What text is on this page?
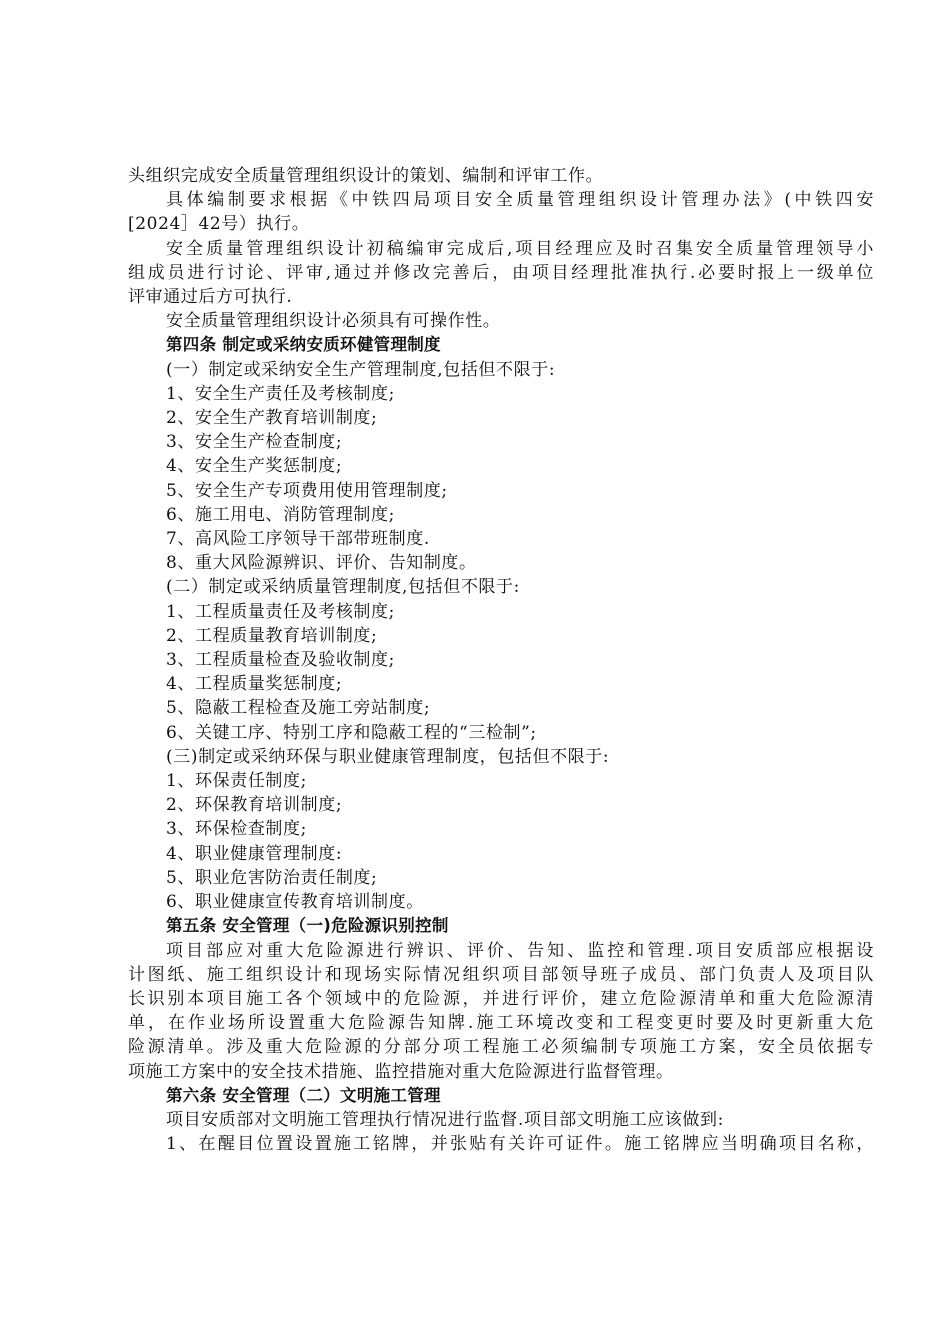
头组织完成安全质量管理组织设计的策划、编制和评审工作。
具体编制要求根据《中铁四局项目安全质量管理组织设计管理办法》(中铁四安
[2024］42号）执行。
安全质量管理组织设计初稿编审完成后,项目经理应及时召集安全质量管理领导小
组成员进行讨论、评审,通过并修改完善后，由项目经理批准执行.必要时报上一级单位
评审通过后方可执行.
安全质量管理组织设计必须具有可操作性。
第四条 制定或采纳安质环健管理制度
(一）制定或采纳安全生产管理制度,包括但不限于:
1、安全生产责任及考核制度;
2、安全生产教育培训制度;
3、安全生产检查制度;
4、安全生产奖惩制度;
5、安全生产专项费用使用管理制度;
6、施工用电、消防管理制度;
7、高风险工序领导干部带班制度.
8、重大风险源辨识、评价、告知制度。
(二）制定或采纳质量管理制度,包括但不限于:
1、工程质量责任及考核制度;
2、工程质量教育培训制度;
3、工程质量检查及验收制度;
4、工程质量奖惩制度;
5、隐蔽工程检查及施工旁站制度;
6、关键工序、特别工序和隐蔽工程的“三检制”;
(三)制定或采纳环保与职业健康管理制度，包括但不限于:
1、环保责任制度;
2、环保教育培训制度;
3、环保检查制度;
4、职业健康管理制度:
5、职业危害防治责任制度;
6、职业健康宣传教育培训制度。
第五条 安全管理（一)危险源识别控制
项目部应对重大危险源进行辨识、评价、告知、监控和管理.项目安质部应根据设
计图纸、施工组织设计和现场实际情况组织项目部领导班子成员、部门负责人及项目队
长识别本项目施工各个领域中的危险源，并进行评价，建立危险源清单和重大危险源清
单，在作业场所设置重大危险源告知牌.施工环境改变和工程变更时要及时更新重大危
险源清单。涉及重大危险源的分部分项工程施工必须编制专项施工方案，安全员依据专
项施工方案中的安全技术措施、监控措施对重大危险源进行监督管理。
第六条 安全管理（二）文明施工管理
项目安质部对文明施工管理执行情况进行监督.项目部文明施工应该做到:
1、在醒目位置设置施工铭牌，并张贴有关许可证件。施工铭牌应当明确项目名称，
